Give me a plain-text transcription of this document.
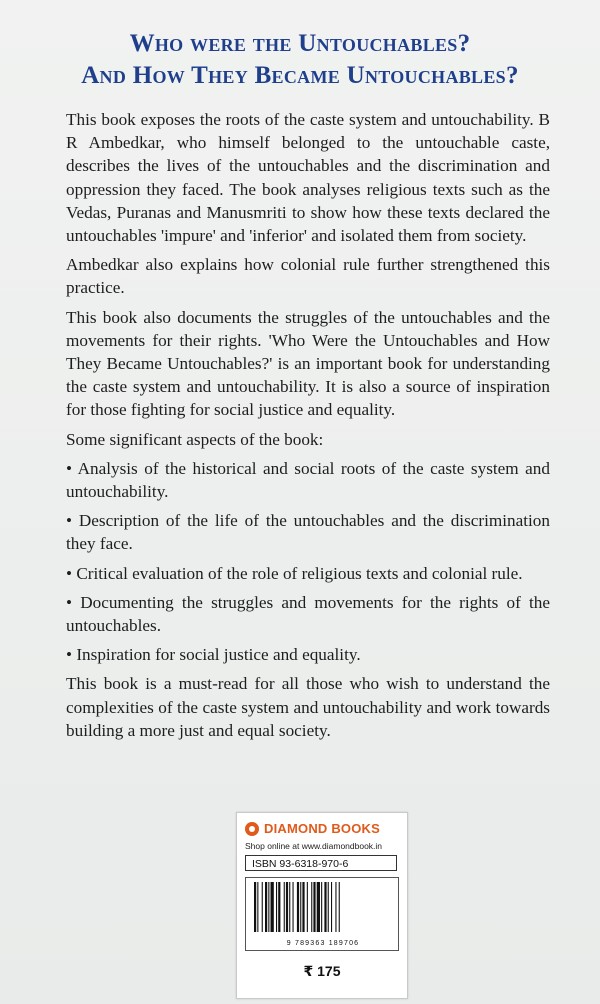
Who were the Untouchables?
And How They Became Untouchables?

This book exposes the roots of the caste system and untouchability. B R Ambedkar, who himself belonged to the untouchable caste, describes the lives of the untouchables and the discrimination and oppression they faced. The book analyses religious texts such as the Vedas, Puranas and Manusmriti to show how these texts declared the untouchables 'impure' and 'inferior' and isolated them from society.

Ambedkar also explains how colonial rule further strengthened this practice.

This book also documents the struggles of the untouchables and the movements for their rights. 'Who Were the Untouchables and How They Became Untouchables?' is an important book for understanding the caste system and untouchability. It is also a source of inspiration for those fighting for social justice and equality.

Some significant aspects of the book:

• Analysis of the historical and social roots of the caste system and untouchability.

• Description of the life of the untouchables and the discrimination they face.

• Critical evaluation of the role of religious texts and colonial rule.

• Documenting the struggles and movements for the rights of the untouchables.

• Inspiration for social justice and equality.

This book is a must-read for all those who wish to understand the complexities of the caste system and untouchability and work towards building a more just and equal society.

DIAMOND BOOKS
Shop online at www.diamondbook.in
ISBN 93-6318-970-6
9 789363 189706
₹ 175
